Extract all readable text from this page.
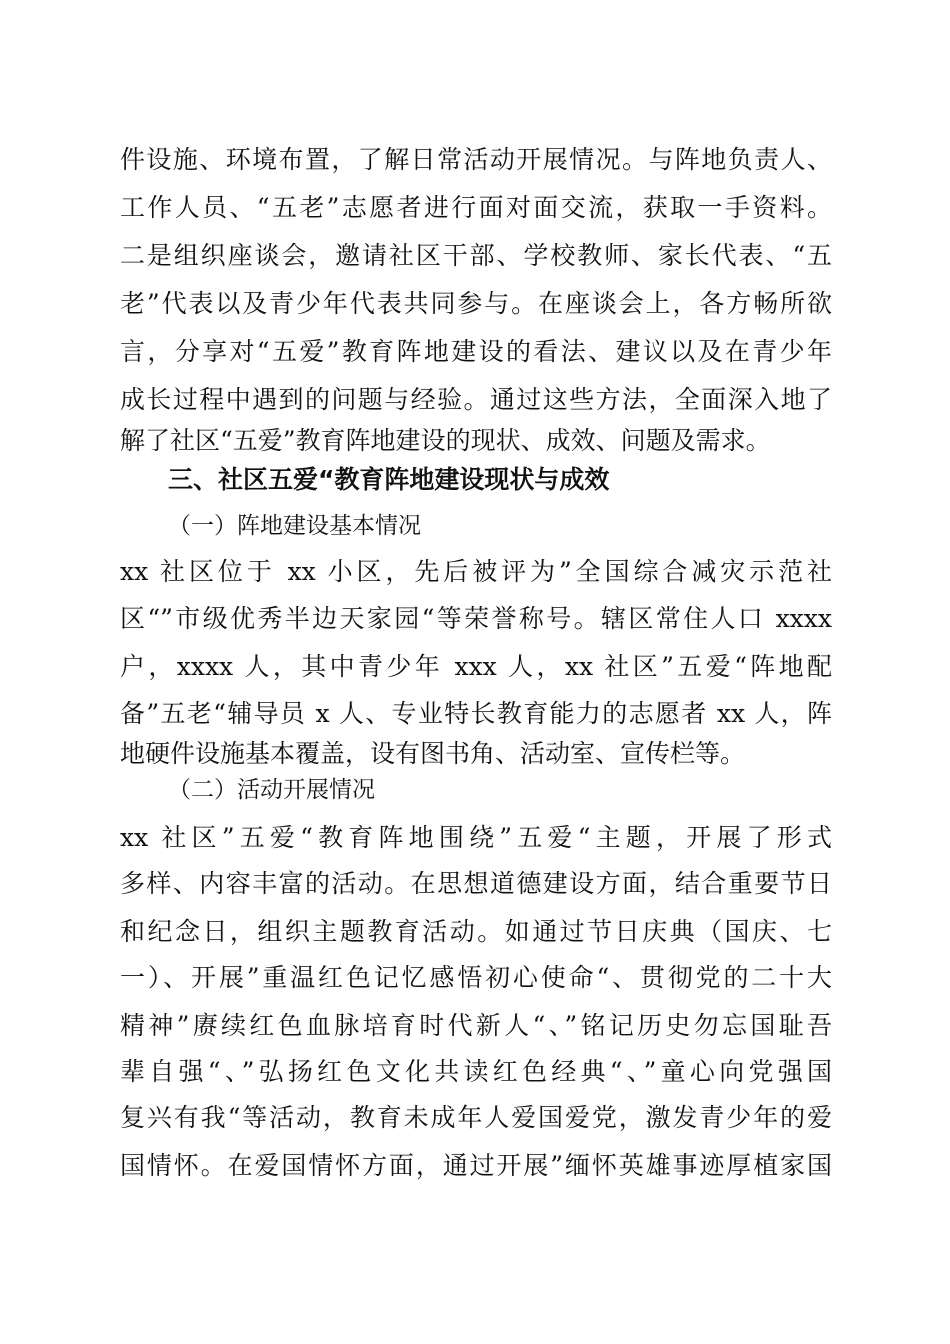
件设施、环境布置，了解日常活动开展情况。与阵地负责人、
工作人员、“五老”志愿者进行面对面交流，获取一手资料。
二是组织座谈会，邀请社区干部、学校教师、家长代表、“五
老”代表以及青少年代表共同参与。在座谈会上，各方畅所欲
言，分享对“五爱”教育阵地建设的看法、建议以及在青少年
成长过程中遇到的问题与经验。通过这些方法，全面深入地了
解了社区“五爱”教育阵地建设的现状、成效、问题及需求。
三、社区五爱“教育阵地建设现状与成效
（一）阵地建设基本情况
xx 社区位于 xx 小区，先后被评为”全国综合减灾示范社
区“”市级优秀半边天家园“等荣誉称号。辖区常住人口 xxxx
户，xxxx 人，其中青少年 xxx 人，xx 社区”五爱“阵地配
备”五老“辅导员 x 人、专业特长教育能力的志愿者 xx 人，阵
地硬件设施基本覆盖，设有图书角、活动室、宣传栏等。
（二）活动开展情况
xx 社区”五爱“教育阵地围绕”五爱“主题，开展了形式
多样、内容丰富的活动。在思想道德建设方面，结合重要节日
和纪念日，组织主题教育活动。如通过节日庆典（国庆、七
一）、开展”重温红色记忆感悟初心使命“、贯彻党的二十大
精神”赓续红色血脉培育时代新人“、”铭记历史勿忘国耻吾
辈自强“、”弘扬红色文化共读红色经典“、”童心向党强国
复兴有我“等活动，教育未成年人爱国爱党，激发青少年的爱
国情怀。在爱国情怀方面，通过开展”缅怀英雄事迹厚植家国
